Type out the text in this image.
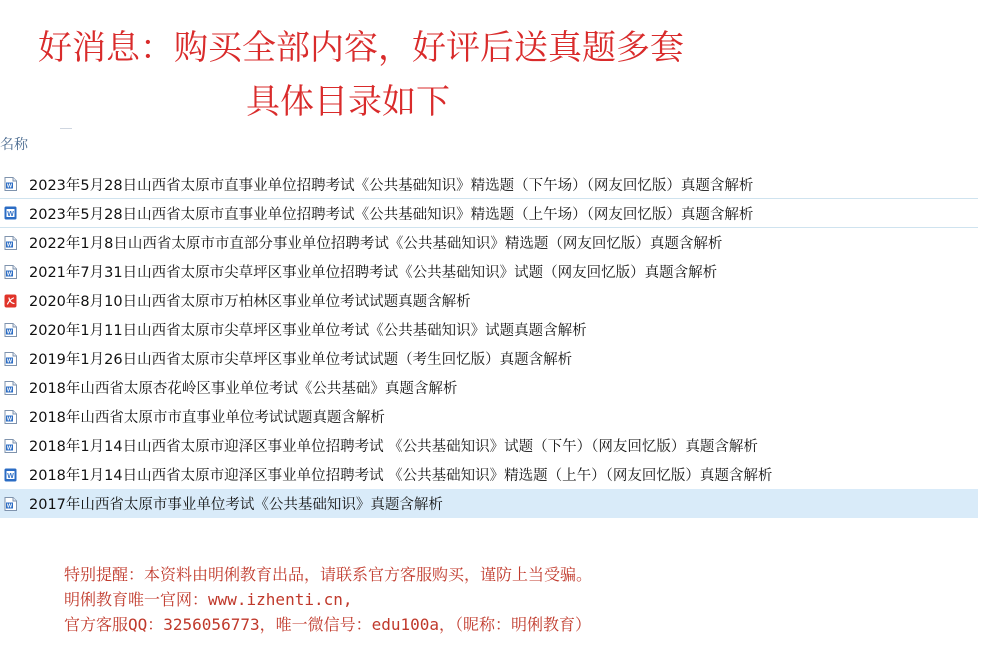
好消息：购买全部内容，好评后送真题多套
具体目录如下
名称
W 2023年5月28日山西省太原市直事业单位招聘考试《公共基础知识》精选题（下午场）（网友回忆版）真题含解析
W 2023年5月28日山西省太原市直事业单位招聘考试《公共基础知识》精选题（上午场）（网友回忆版）真题含解析
W 2022年1月8日山西省太原市市直部分事业单位招聘考试《公共基础知识》精选题（网友回忆版）真题含解析
W 2021年7月31日山西省太原市尖草坪区事业单位招聘考试《公共基础知识》试题（网友回忆版）真题含解析
2020年8月10日山西省太原市万柏林区事业单位考试试题真题含解析
W 2020年1月11日山西省太原市尖草坪区事业单位考试《公共基础知识》试题真题含解析
W 2019年1月26日山西省太原市尖草坪区事业单位考试试题（考生回忆版）真题含解析
W 2018年山西省太原杏花岭区事业单位考试《公共基础》真题含解析
W 2018年山西省太原市市直事业单位考试试题真题含解析
W 2018年1月14日山西省太原市迎泽区事业单位招聘考试 《公共基础知识》试题（下午）（网友回忆版）真题含解析
W 2018年1月14日山西省太原市迎泽区事业单位招聘考试 《公共基础知识》精选题（上午）（网友回忆版）真题含解析
W 2017年山西省太原市事业单位考试《公共基础知识》真题含解析
特别提醒：本资料由明俐教育出品，请联系官方客服购买，谨防上当受骗。
明俐教育唯一官网：www.izhenti.cn,
官方客服QQ：3256056773，唯一微信号：edu100a，（昵称：明俐教育）
